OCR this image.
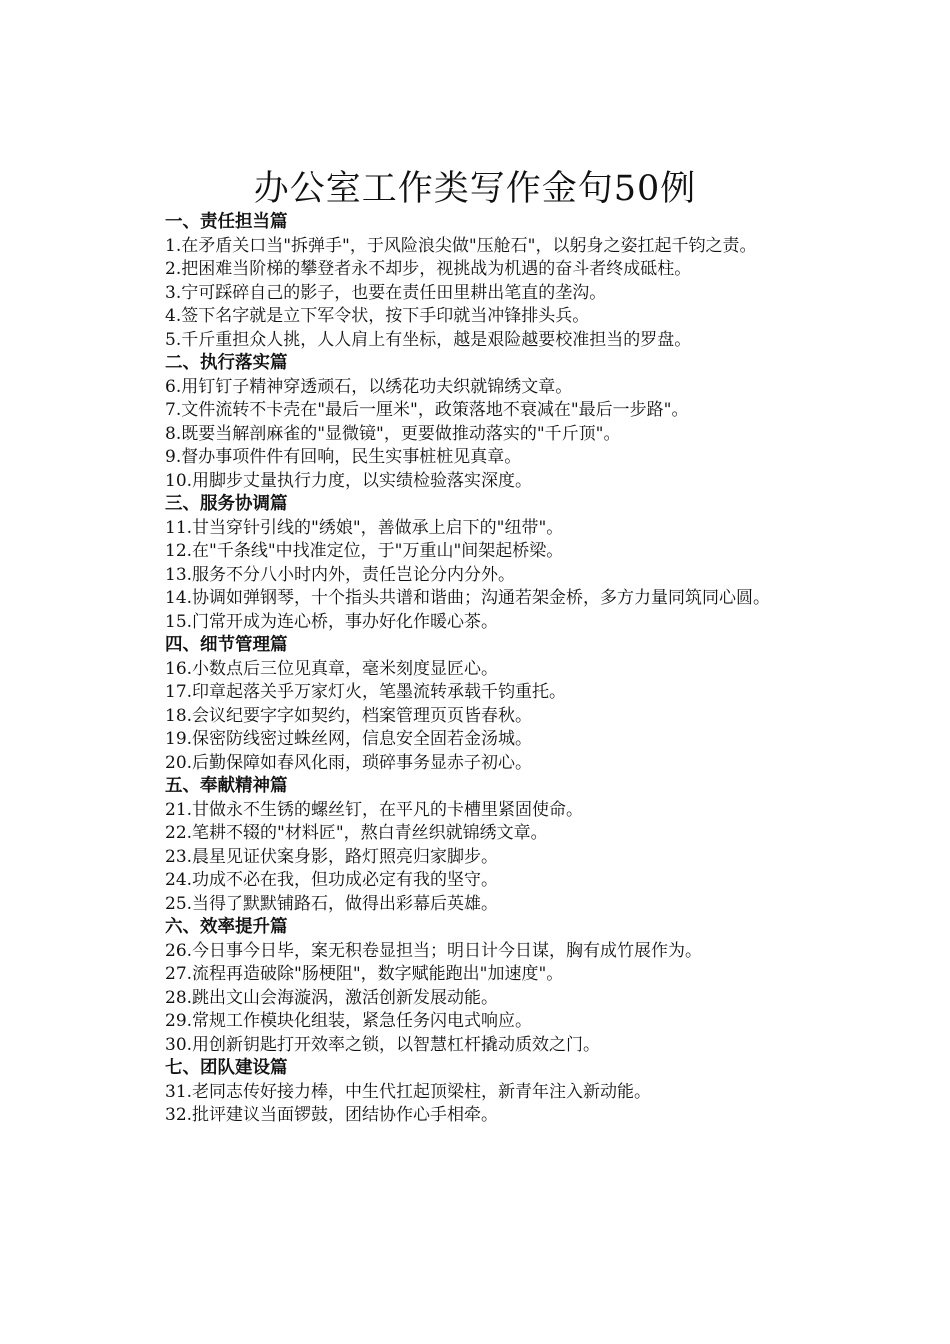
办公室工作类写作金句50例

一、责任担当篇

1.在矛盾关口当"拆弹手"，于风险浪尖做"压舱石"，以躬身之姿扛起千钧之责。

2.把困难当阶梯的攀登者永不却步，视挑战为机遇的奋斗者终成砥柱。

3.宁可踩碎自己的影子，也要在责任田里耕出笔直的垄沟。

4.签下名字就是立下军令状，按下手印就当冲锋排头兵。

5.千斤重担众人挑，人人肩上有坐标，越是艰险越要校准担当的罗盘。

二、执行落实篇

6.用钉钉子精神穿透顽石，以绣花功夫织就锦绣文章。

7.文件流转不卡壳在"最后一厘米"，政策落地不衰减在"最后一步路"。

8.既要当解剖麻雀的"显微镜"，更要做推动落实的"千斤顶"。

9.督办事项件件有回响，民生实事桩桩见真章。

10.用脚步丈量执行力度，以实绩检验落实深度。

三、服务协调篇

11.甘当穿针引线的"绣娘"，善做承上启下的"纽带"。

12.在"千条线"中找准定位，于"万重山"间架起桥梁。

13.服务不分八小时内外，责任岂论分内分外。

14.协调如弹钢琴，十个指头共谱和谐曲；沟通若架金桥，多方力量同筑同心圆。

15.门常开成为连心桥，事办好化作暖心茶。

四、细节管理篇

16.小数点后三位见真章，毫米刻度显匠心。

17.印章起落关乎万家灯火，笔墨流转承载千钧重托。

18.会议纪要字字如契约，档案管理页页皆春秋。

19.保密防线密过蛛丝网，信息安全固若金汤城。

20.后勤保障如春风化雨，琐碎事务显赤子初心。

五、奉献精神篇

21.甘做永不生锈的螺丝钉，在平凡的卡槽里紧固使命。

22.笔耕不辍的"材料匠"，熬白青丝织就锦绣文章。

23.晨星见证伏案身影，路灯照亮归家脚步。

24.功成不必在我，但功成必定有我的坚守。

25.当得了默默铺路石，做得出彩幕后英雄。

六、效率提升篇

26.今日事今日毕，案无积卷显担当；明日计今日谋，胸有成竹展作为。

27.流程再造破除"肠梗阻"，数字赋能跑出"加速度"。

28.跳出文山会海漩涡，激活创新发展动能。

29.常规工作模块化组装，紧急任务闪电式响应。

30.用创新钥匙打开效率之锁，以智慧杠杆撬动质效之门。

七、团队建设篇

31.老同志传好接力棒，中生代扛起顶梁柱，新青年注入新动能。

32.批评建议当面锣鼓，团结协作心手相牵。
